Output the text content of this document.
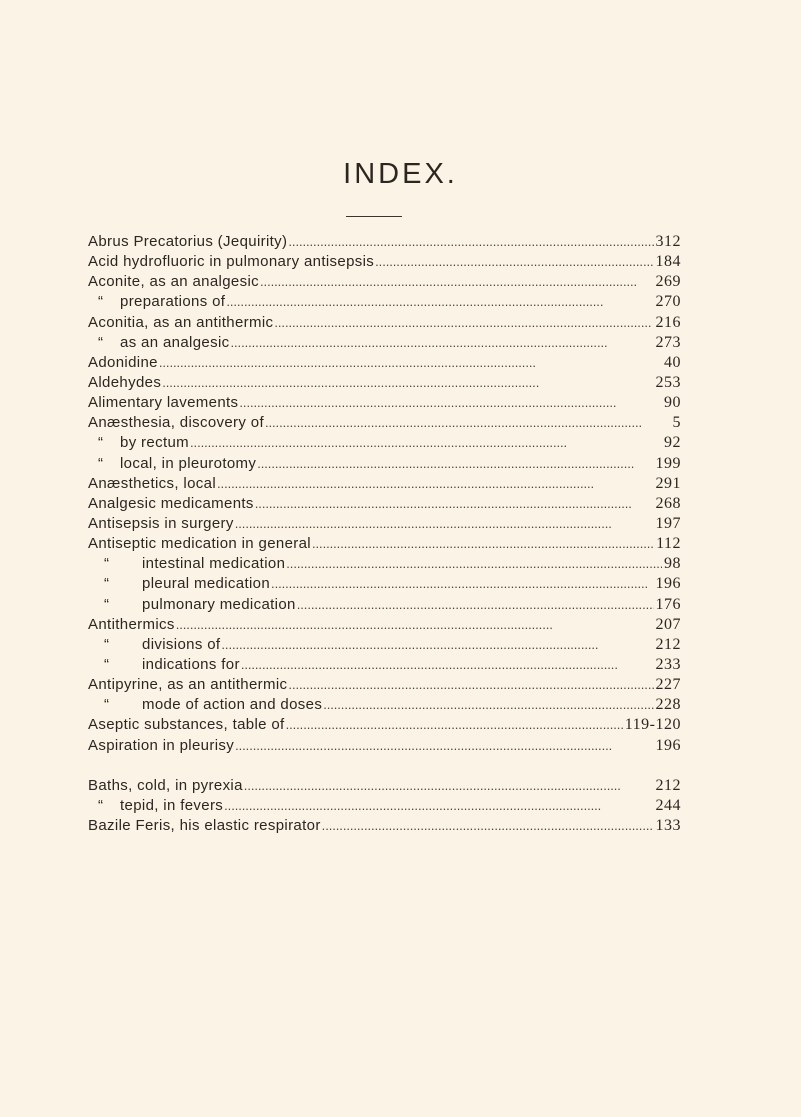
INDEX.
Abrus Precatorius (Jequirity) . . .	312
Acid hydrofluoric in pulmonary antisepsis . . .	184
Aconite, as an analgesic . . .	269
“	preparations of . . .	270
Aconitia, as an antithermic . . .	216
“	as an analgesic . . .	273
Adonidine . . .	40
Aldehydes . . .	253
Alimentary lavements . . .	90
Anæsthesia, discovery of . . .	5
“	by rectum . . .	92
“	local, in pleurotomy . . .	199
Anæsthetics, local . . .	291
Analgesic medicaments . . .	268
Antisepsis in surgery . . .	197
Antiseptic medication in general . . .	112
“	intestinal medication . . .	98
“	pleural medication . . .	196
“	pulmonary medication . . .	176
Antithermics . . .	207
“	divisions of . . .	212
“	indications for . . .	233
Antipyrine, as an antithermic . . .	227
“	mode of action and doses . . .	228
Aseptic substances, table of . . .	119-120
Aspiration in pleurisy . . .	196
Baths, cold, in pyrexia . . .	212
“	tepid, in fevers . . .	244
Bazile Feris, his elastic respirator . . .	133
